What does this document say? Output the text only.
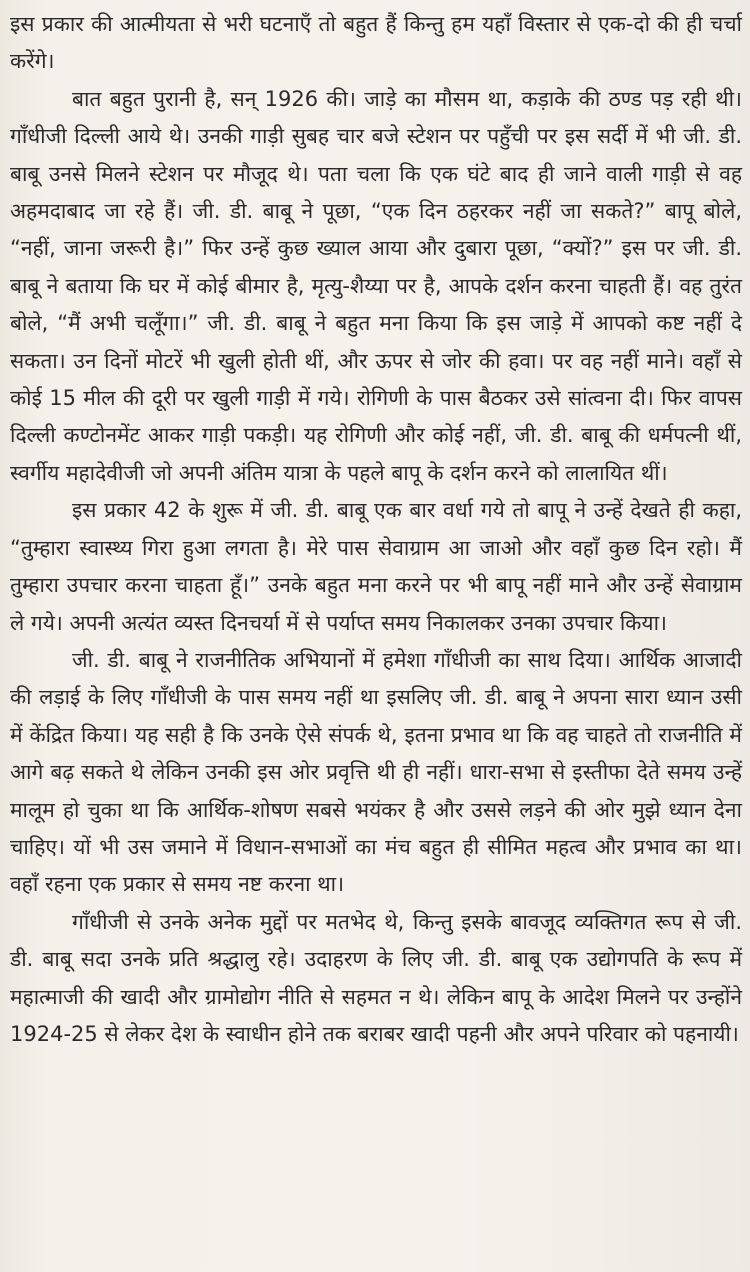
इस प्रकार की आत्मीयता से भरी घटनाएँ तो बहुत हैं किन्तु हम यहाँ विस्तार से एक-दो की ही चर्चा करेंगे।

बात बहुत पुरानी है, सन् 1926 की। जाड़े का मौसम था, कड़ाके की ठण्ड पड़ रही थी। गाँधीजी दिल्ली आये थे। उनकी गाड़ी सुबह चार बजे स्टेशन पर पहुँची पर इस सर्दी में भी जी. डी. बाबू उनसे मिलने स्टेशन पर मौजूद थे। पता चला कि एक घंटे बाद ही जाने वाली गाड़ी से वह अहमदाबाद जा रहे हैं। जी. डी. बाबू ने पूछा, “एक दिन ठहरकर नहीं जा सकते?” बापू बोले, “नहीं, जाना जरूरी है।” फिर उन्हें कुछ ख्याल आया और दुबारा पूछा, “क्यों?” इस पर जी. डी. बाबू ने बताया कि घर में कोई बीमार है, मृत्यु-शैय्या पर है, आपके दर्शन करना चाहती हैं। वह तुरंत बोले, “मैं अभी चलूँगा।” जी. डी. बाबू ने बहुत मना किया कि इस जाड़े में आपको कष्ट नहीं दे सकता। उन दिनों मोटरें भी खुली होती थीं, और ऊपर से जोर की हवा। पर वह नहीं माने। वहाँ से कोई 15 मील की दूरी पर खुली गाड़ी में गये। रोगिणी के पास बैठकर उसे सांत्वना दी। फिर वापस दिल्ली कण्टोनमेंट आकर गाड़ी पकड़ी। यह रोगिणी और कोई नहीं, जी. डी. बाबू की धर्मपत्नी थीं, स्वर्गीय महादेवीजी जो अपनी अंतिम यात्रा के पहले बापू के दर्शन करने को लालायित थीं।

इस प्रकार 42 के शुरू में जी. डी. बाबू एक बार वर्धा गये तो बापू ने उन्हें देखते ही कहा, “तुम्हारा स्वास्थ्य गिरा हुआ लगता है। मेरे पास सेवाग्राम आ जाओ और वहाँ कुछ दिन रहो। मैं तुम्हारा उपचार करना चाहता हूँ।” उनके बहुत मना करने पर भी बापू नहीं माने और उन्हें सेवाग्राम ले गये। अपनी अत्यंत व्यस्त दिनचर्या में से पर्याप्त समय निकालकर उनका उपचार किया।

जी. डी. बाबू ने राजनीतिक अभियानों में हमेशा गाँधीजी का साथ दिया। आर्थिक आजादी की लड़ाई के लिए गाँधीजी के पास समय नहीं था इसलिए जी. डी. बाबू ने अपना सारा ध्यान उसी में केंद्रित किया। यह सही है कि उनके ऐसे संपर्क थे, इतना प्रभाव था कि वह चाहते तो राजनीति में आगे बढ़ सकते थे लेकिन उनकी इस ओर प्रवृत्ति थी ही नहीं। धारा-सभा से इस्तीफा देते समय उन्हें मालूम हो चुका था कि आर्थिक-शोषण सबसे भयंकर है और उससे लड़ने की ओर मुझे ध्यान देना चाहिए। यों भी उस जमाने में विधान-सभाओं का मंच बहुत ही सीमित महत्व और प्रभाव का था। वहाँ रहना एक प्रकार से समय नष्ट करना था।

गाँधीजी से उनके अनेक मुद्दों पर मतभेद थे, किन्तु इसके बावजूद व्यक्तिगत रूप से जी. डी. बाबू सदा उनके प्रति श्रद्धालु रहे। उदाहरण के लिए जी. डी. बाबू एक उद्योगपति के रूप में महात्माजी की खादी और ग्रामोद्योग नीति से सहमत न थे। लेकिन बापू के आदेश मिलने पर उन्होंने 1924-25 से लेकर देश के स्वाधीन होने तक बराबर खादी पहनी और अपने परिवार को पहनायी।
